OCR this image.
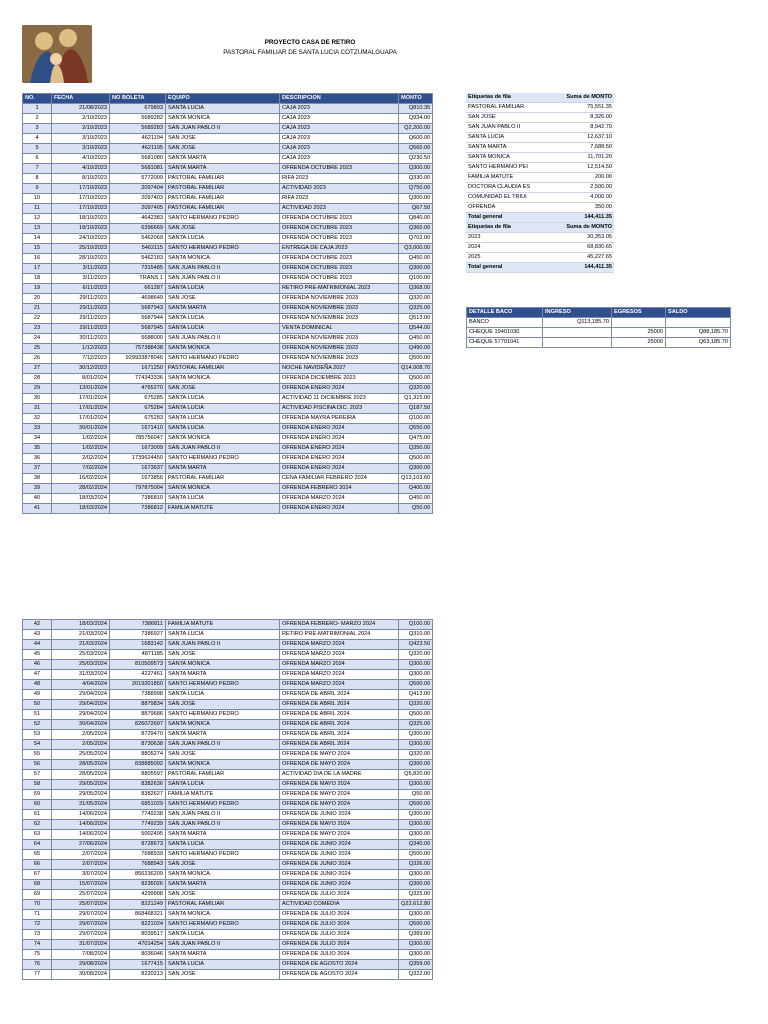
PROYECTO CASA DE RETIRO
PASTORAL FAMILIAR DE SANTA LUCIA COTZUMALGUAPA
NO.	FECHA	NO BOLETA	EQUIPO	DESCRIPCION	MONTO
1	21/08/2023	679893	SANTA LUCIA	CAJA 2023	Q810.35
2	2/10/2023	5689282	SANTA MONICA	CAJA 2023	Q934.00
3	2/10/2023	5689283	SAN JUAN PABLO II	CAJA 2023	Q2,200.00
4	3/10/2023	4621194	SAN JOSE	CAJA 2023	Q600.00
5	3/10/2023	4621195	SAN JOSE	CAJA 2023	Q560.00
6	4/10/2023	5681080	SANTA MARTA	CAJA 2023	Q230.50
7	4/10/2023	5681081	SANTA MARTA	OFRENDA OCTUBRE 2023	Q300.00
8	8/10/2023	5772009	PASTORAL FAMILIAR	RIFA 2023	Q330.00
9	17/10/2023	2097404	PASTORAL FAMILIAR	ACTIVIDAD 2023	Q750.00
10	17/10/2023	2097403	PASTORAL FAMILIAR	RIFA 2023	Q300.00
11	17/10/2023	2097405	PASTORAL FAMILIAR	ACTIVIDAD 2023	Q67.50
12	18/10/2023	4642383	SANTO HERMANO PEDRO	OFRENDA OCTUBRE 2023	Q840.00
13	18/10/2023	6396669	SAN JOSE	OFRENDA OCTUBRE 2023	Q360.00
14	24/10/2023	5462069	SANTA LUCIA	OFRENDA OCTUBRE 2023	Q702.00
15	25/10/2023	5462115	SANTO HERMANO PEDRO	ENTREGA DE CAJA 2023	Q3,000.00
16	28/10/2023	5462183	SANTA MONICA	OFRENDA OCTUBRE 2023	Q450.00
17	3/11/2023	7315485	SAN JUAN PABLO II	OFRENDA OCTUBRE 2023	Q300.00
18	3/11/2023	TRANS 1	SAN JUAN PABLO II	OFRENDA OCTUBRE 2023	Q100.00
19	6/11/2023	661287	SANTA LUCIA	RETIRO PRE-MATRIMONIAL 2023	Q368.00
20	29/11/2023	4698649	SAN JOSE	OFRENDA NOVIEMBRE 2023	Q320.00
21	29/11/2023	5687943	SANTA MARTA	OFRENDA NOVIEMBRE 2023	Q325.00
22	29/11/2023	5687944	SANTA LUCIA	OFRENDA NOVIEMBRE 2023	Q513.00
23	29/11/2023	5687945	SANTA LUCIA	VENTA DOMINICAL	Q544.00
24	30/11/2023	5688000	SAN JUAN PABLO II	OFRENDA NOVIEMBRE 2023	Q450.00
25	1/12/2023	757388438	SANTA MONICA	OFRENDA NOVIEMBRE 2023	Q490.00
26	7/12/2023	929933878046	SANTO HERMANO PEDRO	OFRENDA NOVIEMBRE 2023	Q500.00
27	30/12/2023	1671250	PASTORAL FAMILIAR	NOCHE NAVIDEÑA 2027	Q14,008.70
28	8/01/2024	774343336	SANTA MONICA	OFRENDA DICIEMBRE 2023	Q500.00
29	13/01/2024	4765270	SAN JOSE	OFRENDA ENERO 2024	Q320.00
30	17/01/2024	675285	SANTA LUCIA	ACTIVIDAD 11 DICIEMBRE 2023	Q1,315.00
31	17/01/2024	675284	SANTA LUCIA	ACTIVIDAD PISCINA DIC. 2023	Q187.50
32	17/01/2024	675283	SANTA LUCIA	OFRENDA MAYRA PEREIRA	Q100.00
33	30/01/2024	1671410	SANTA LUCIA	OFRENDA ENERO 2024	Q550.00
34	1/02/2024	785756047	SANTA MONICA	OFRENDA ENERO 2024	Q475.00
35	1/02/2024	1673009	SAN JUAN PABLO II	OFRENDA ENERO 2024	Q350.00
36	2/02/2024	1739624450	SANTO HERMANO PEDRO	OFRENDA ENERO 2024	Q500.00
37	7/02/2024	1673637	SANTA MARTA	OFRENDA ENERO 2024	Q300.00
38	16/02/2024	1673856	PASTORAL FAMILIAR	CENA FAMILIAR FEBRERO 2024	Q13,103.60
39	28/02/2024	797875004	SANTA MONICA	OFRENDA FEBRERO 2024	Q400.00
40	18/03/2024	7386810	SANTA LUCIA	OFRENDA MARZO 2024	Q450.00
41	18/03/2024	7386812	FAMILIA MATUTE	OFRENDA ENERO 2024	Q50.00
42	18/03/2024	7386811	FAMILIA MATUTE	OFRENDA FEBRERO- MARZO 2024	Q100.00
43	21/03/2024	7386927	SANTA LUCIA	RETIRO PRE-MATRIMONIAL 2024	Q310.00
44	21/03/2024	1683142	SAN JUAN PABLO II	OFRENDA MARZO 2024	Q423.50
45	25/03/2024	4871185	SAN JOSE	OFRENDA MARZO 2024	Q320.00
46	25/03/2024	810509573	SANTA MONICA	OFRENDA MARZO 2024	Q300.00
47	31/03/2024	4227461	SANTA MARTA	OFRENDA MARZO 2024	Q300.00
48	4/04/2024	2019201850	SANTO HERMANO PEDRO	OFRENDA MARZO 2024	Q500.00
49	29/04/2024	7388998	SANTA LUCIA	OFRENDA DE ABRIL 2024	Q413.00
50	29/04/2024	8879834	SAN JOSE	OFRENDA DE ABRIL 2024	Q320.00
51	29/04/2024	8879686	SANTO HERMANO PEDRO	OFRENDA DE ABRIL 2024	Q500.00
52	30/04/2024	826072697	SANTA MONICA	OFRENDA DE ABRIL 2024	Q325.00
53	2/05/2024	8729470	SANTA MARTA	OFRENDA DE ABRIL 2024	Q300.00
54	2/05/2024	8730638	SAN JUAN PABLO II	OFRENDA DE ABRIL 2024	Q300.00
55	25/05/2024	8805274	SAN JOSE	OFRENDA DE MAYO 2024	Q320.00
56	28/05/2024	838885092	SANTA MONICA	OFRENDA DE MAYO 2024	Q300.00
57	28/05/2024	8805597	PASTORAL FAMILIAR	ACTIVIDAD DIA DE LA MADRE	Q5,820.00
58	29/05/2024	8382636	SANTA LUCIA	OFRENDA DE MAYO 2024	Q300.00
59	29/05/2024	8382627	FAMILIA MATUTE	OFRENDA DE MAYO 2024	Q50.00
60	31/05/2024	6851029	SANTO HERMANO PEDRO	OFRENDA DE MAYO 2024	Q500.00
61	14/06/2024	7749238	SAN JUAN PABLO II	OFRENDA DE JUNIO 2024	Q300.00
62	14/06/2024	7749239	SAN JUAN PABLO II	OFRENDA DE MAYO 2024	Q300.00
63	14/06/2024	5002495	SANTA MARTA	OFRENDA DE MAYO 2024	Q300.00
64	27/06/2024	8728673	SANTA LUCIA	OFRENDA DE JUNIO 2024	Q340.00
65	2/07/2024	7688939	SANTO HERMANO PEDRO	OFRENDA DE JUNIO 2024	Q500.00
66	2/07/2024	7688943	SAN JOSE	OFRENDA DE JUNIO 2024	Q326.00
67	3/07/2024	856236209	SANTA MONICA	OFRENDA DE JUNIO 2024	Q300.00
68	15/07/2024	8236026	SANTA MARTA	OFRENDA DE JUNIO 2024	Q300.00
69	25/07/2024	4299908	SAN JOSE	OFRENDA DE JULIO 2024	Q325.00
70	25/07/2024	8221249	PASTORAL FAMILIAR	ACTIVIDAD COMEDIA	Q22,612.80
71	29/07/2024	868468321	SANTA MONICA	OFRENDA DE JULIO 2024	Q300.00
72	29/07/2024	8221024	SANTO HERMANO PEDRO	OFRENDA DE JULIO 2024	Q500.00
73	29/07/2024	8039517	SANTA LUCIA	OFRENDA DE JULIO 2024	Q389.00
74	31/07/2024	47014254	SAN JUAN PABLO II	OFRENDA DE JULIO 2024	Q300.00
75	7/08/2024	8036046	SANTA MARTA	OFRENDA DE JULIO 2024	Q300.00
76	29/08/2024	1677415	SANTA LUCIA	OFRENDA DE AGOSTO 2024	Q359.00
77	30/08/2024	8220213	SAN JOSE	OFRENDA DE AGOSTO 2024	Q322.00
Etiquetas de fila	Suma de MONTO
PASTORAL FAMILIAR	75,551.35
SAN JOSE	8,326.00
SAN JUAN PABLO II	8,942.70
SANTA LUCIA	12,637.10
SANTA MARTA	7,688.50
SANTA MONICA	11,701.20
SANTO HERMANO PEI	12,514.50
FAMILIA MATUTE	200.00
DOCTORA CLAUDIA ES	2,500.00
COMUNIDAD EL TRIUI	4,000.00
OFRENDA	350.00
Total general	144,411.35
Etiquetas de fila	Suma de MONTO
2023	30,353.05
2024	68,830.65
2025	45,227.65
Total general	144,411.35
DETALLE BACO	INGRESO	EGRESOS	SALDO
BANCO	Q113,185.70		
CHEQUE 19401030		25000	Q88,185.70
CHEQUE 57701041		25000	Q63,185.70
